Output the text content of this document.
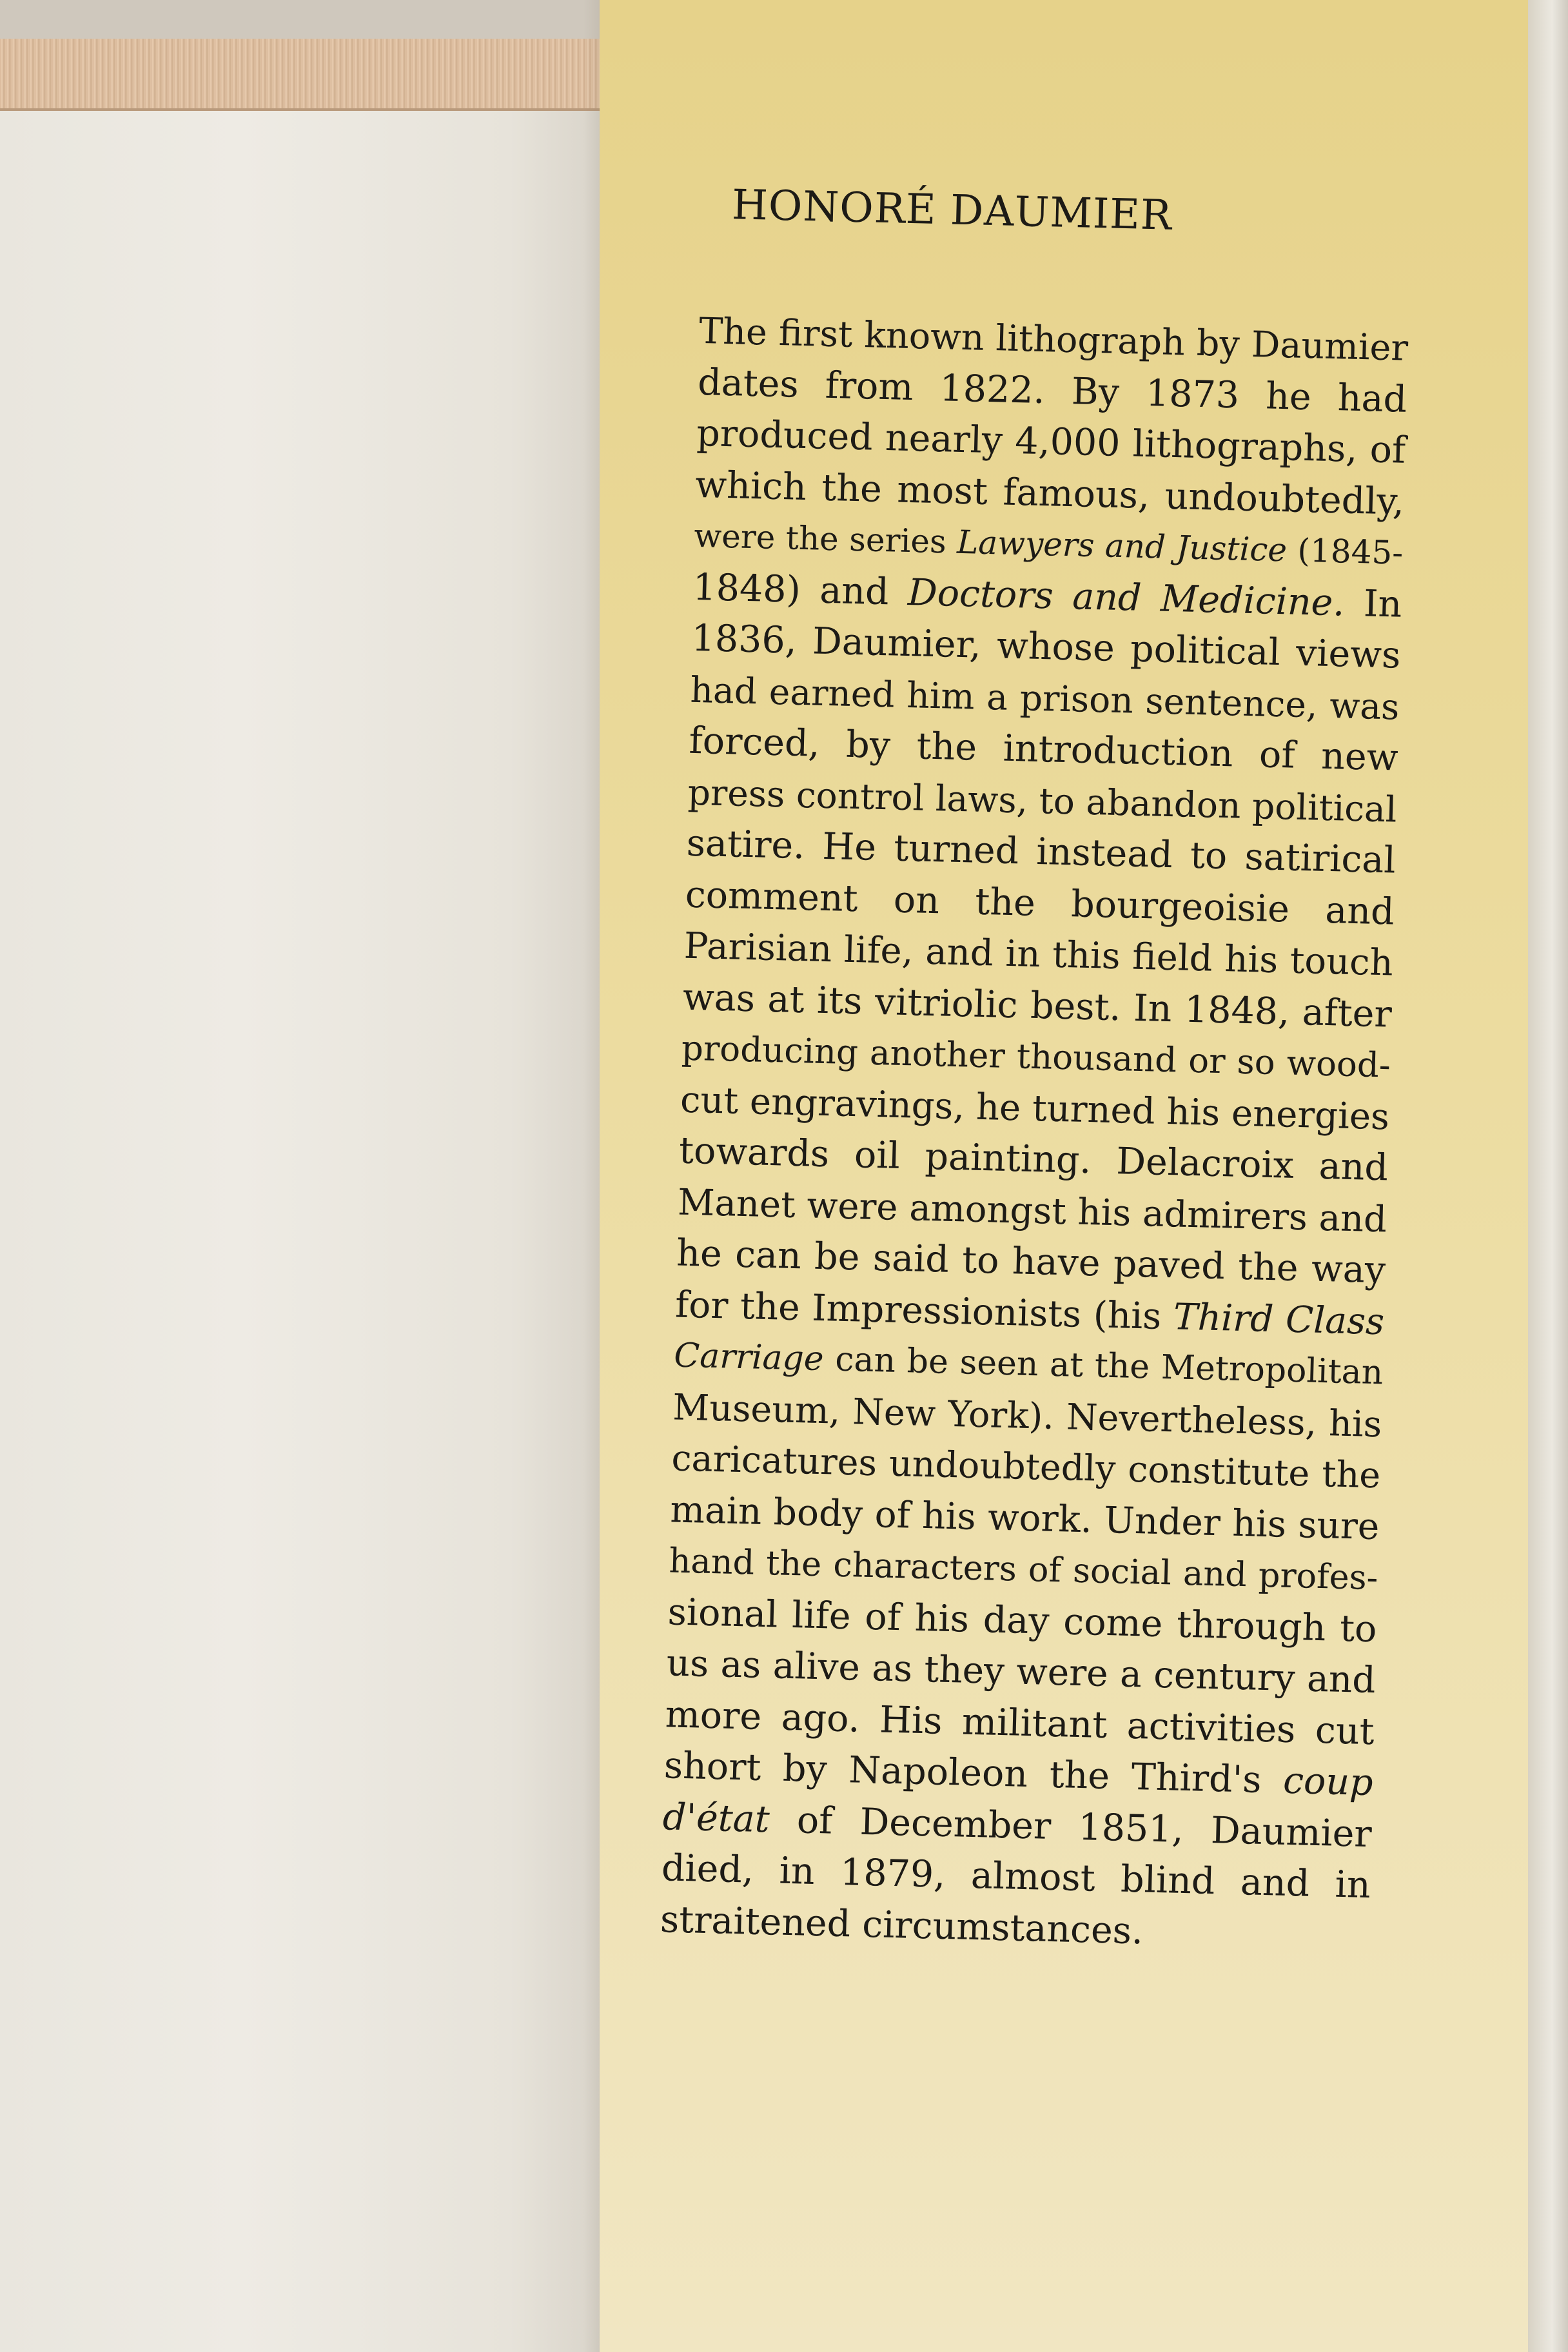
HONORÉ DAUMIER
The first known lithograph by Daumier
dates from 1822. By 1873 he had
produced nearly 4,000 lithographs, of
which the most famous, undoubtedly,
were the series Lawyers and Justice (1845-
1848) and Doctors and Medicine. In
1836, Daumier, whose political views
had earned him a prison sentence, was
forced, by the introduction of new
press control laws, to abandon political
satire. He turned instead to satirical
comment on the bourgeoisie and
Parisian life, and in this field his touch
was at its vitriolic best. In 1848, after
producing another thousand or so wood-
cut engravings, he turned his energies
towards oil painting. Delacroix and
Manet were amongst his admirers and
he can be said to have paved the way
for the Impressionists (his Third Class
Carriage can be seen at the Metropolitan
Museum, New York). Nevertheless, his
caricatures undoubtedly constitute the
main body of his work. Under his sure
hand the characters of social and profes-
sional life of his day come through to
us as alive as they were a century and
more ago. His militant activities cut
short by Napoleon the Third's coup
d'état of December 1851, Daumier
died, in 1879, almost blind and in
straitened circumstances.
